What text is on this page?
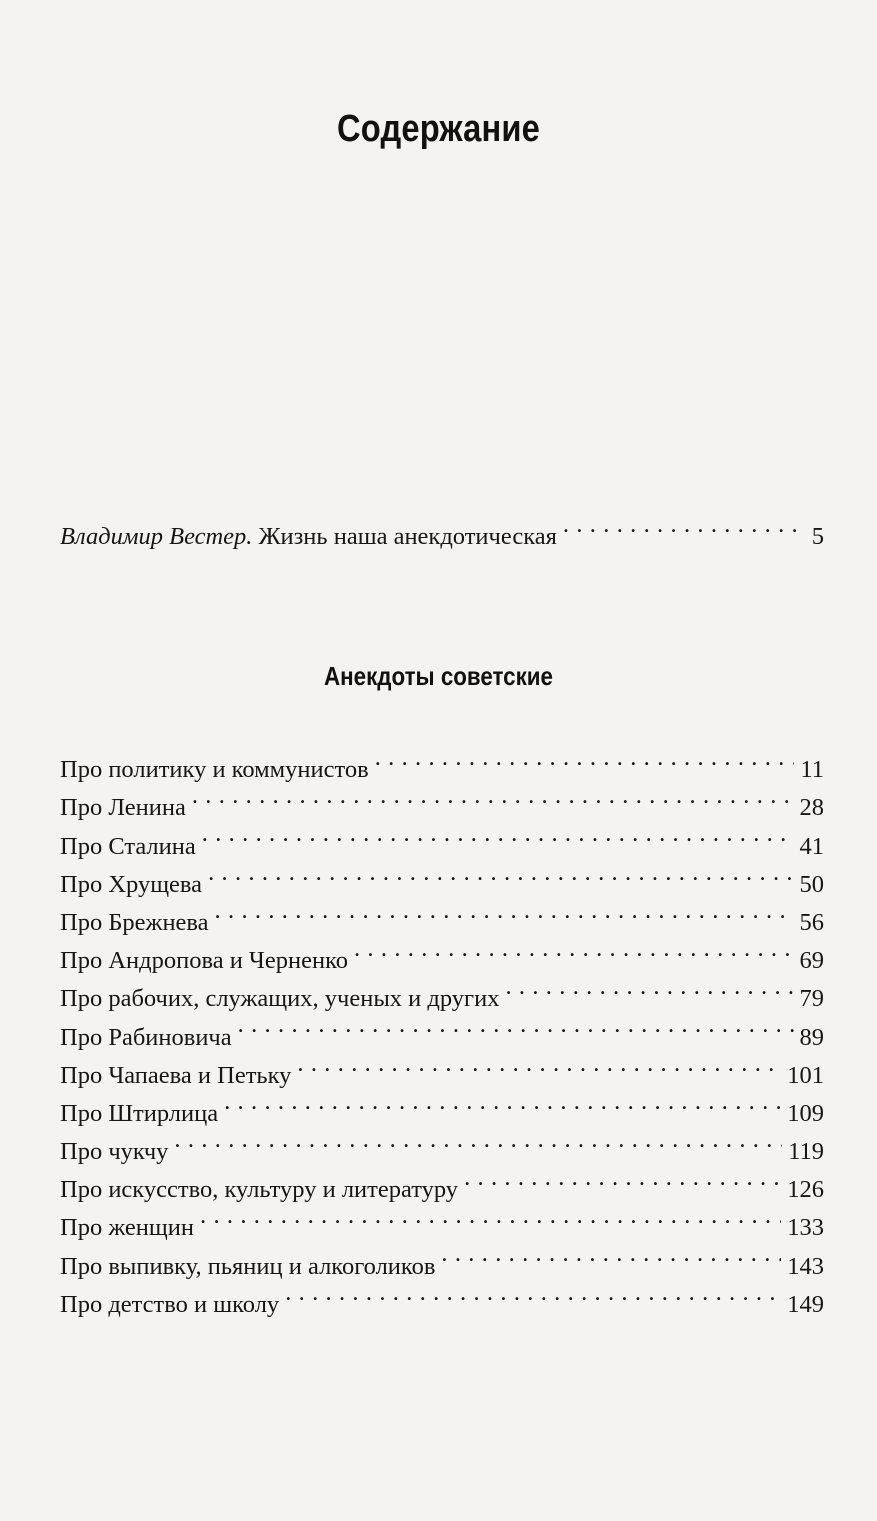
Содержание
Владимир Вестер. Жизнь наша анекдотическая . . .	5
Анекдоты советские
Про политику и коммунистов . . .	11
Про Ленина . . .	28
Про Сталина . . .	41
Про Хрущева . . .	50
Про Брежнева . . .	56
Про Андропова и Черненко . . .	69
Про рабочих, служащих, ученых и других . . .	79
Про Рабиновича . . .	89
Про Чапаева и Петьку . . .	101
Про Штирлица . . .	109
Про чукчу . . .	119
Про искусство, культуру и литературу . . .	126
Про женщин . . .	133
Про выпивку, пьяниц и алкоголиков . . .	143
Про детство и школу . . .	149
